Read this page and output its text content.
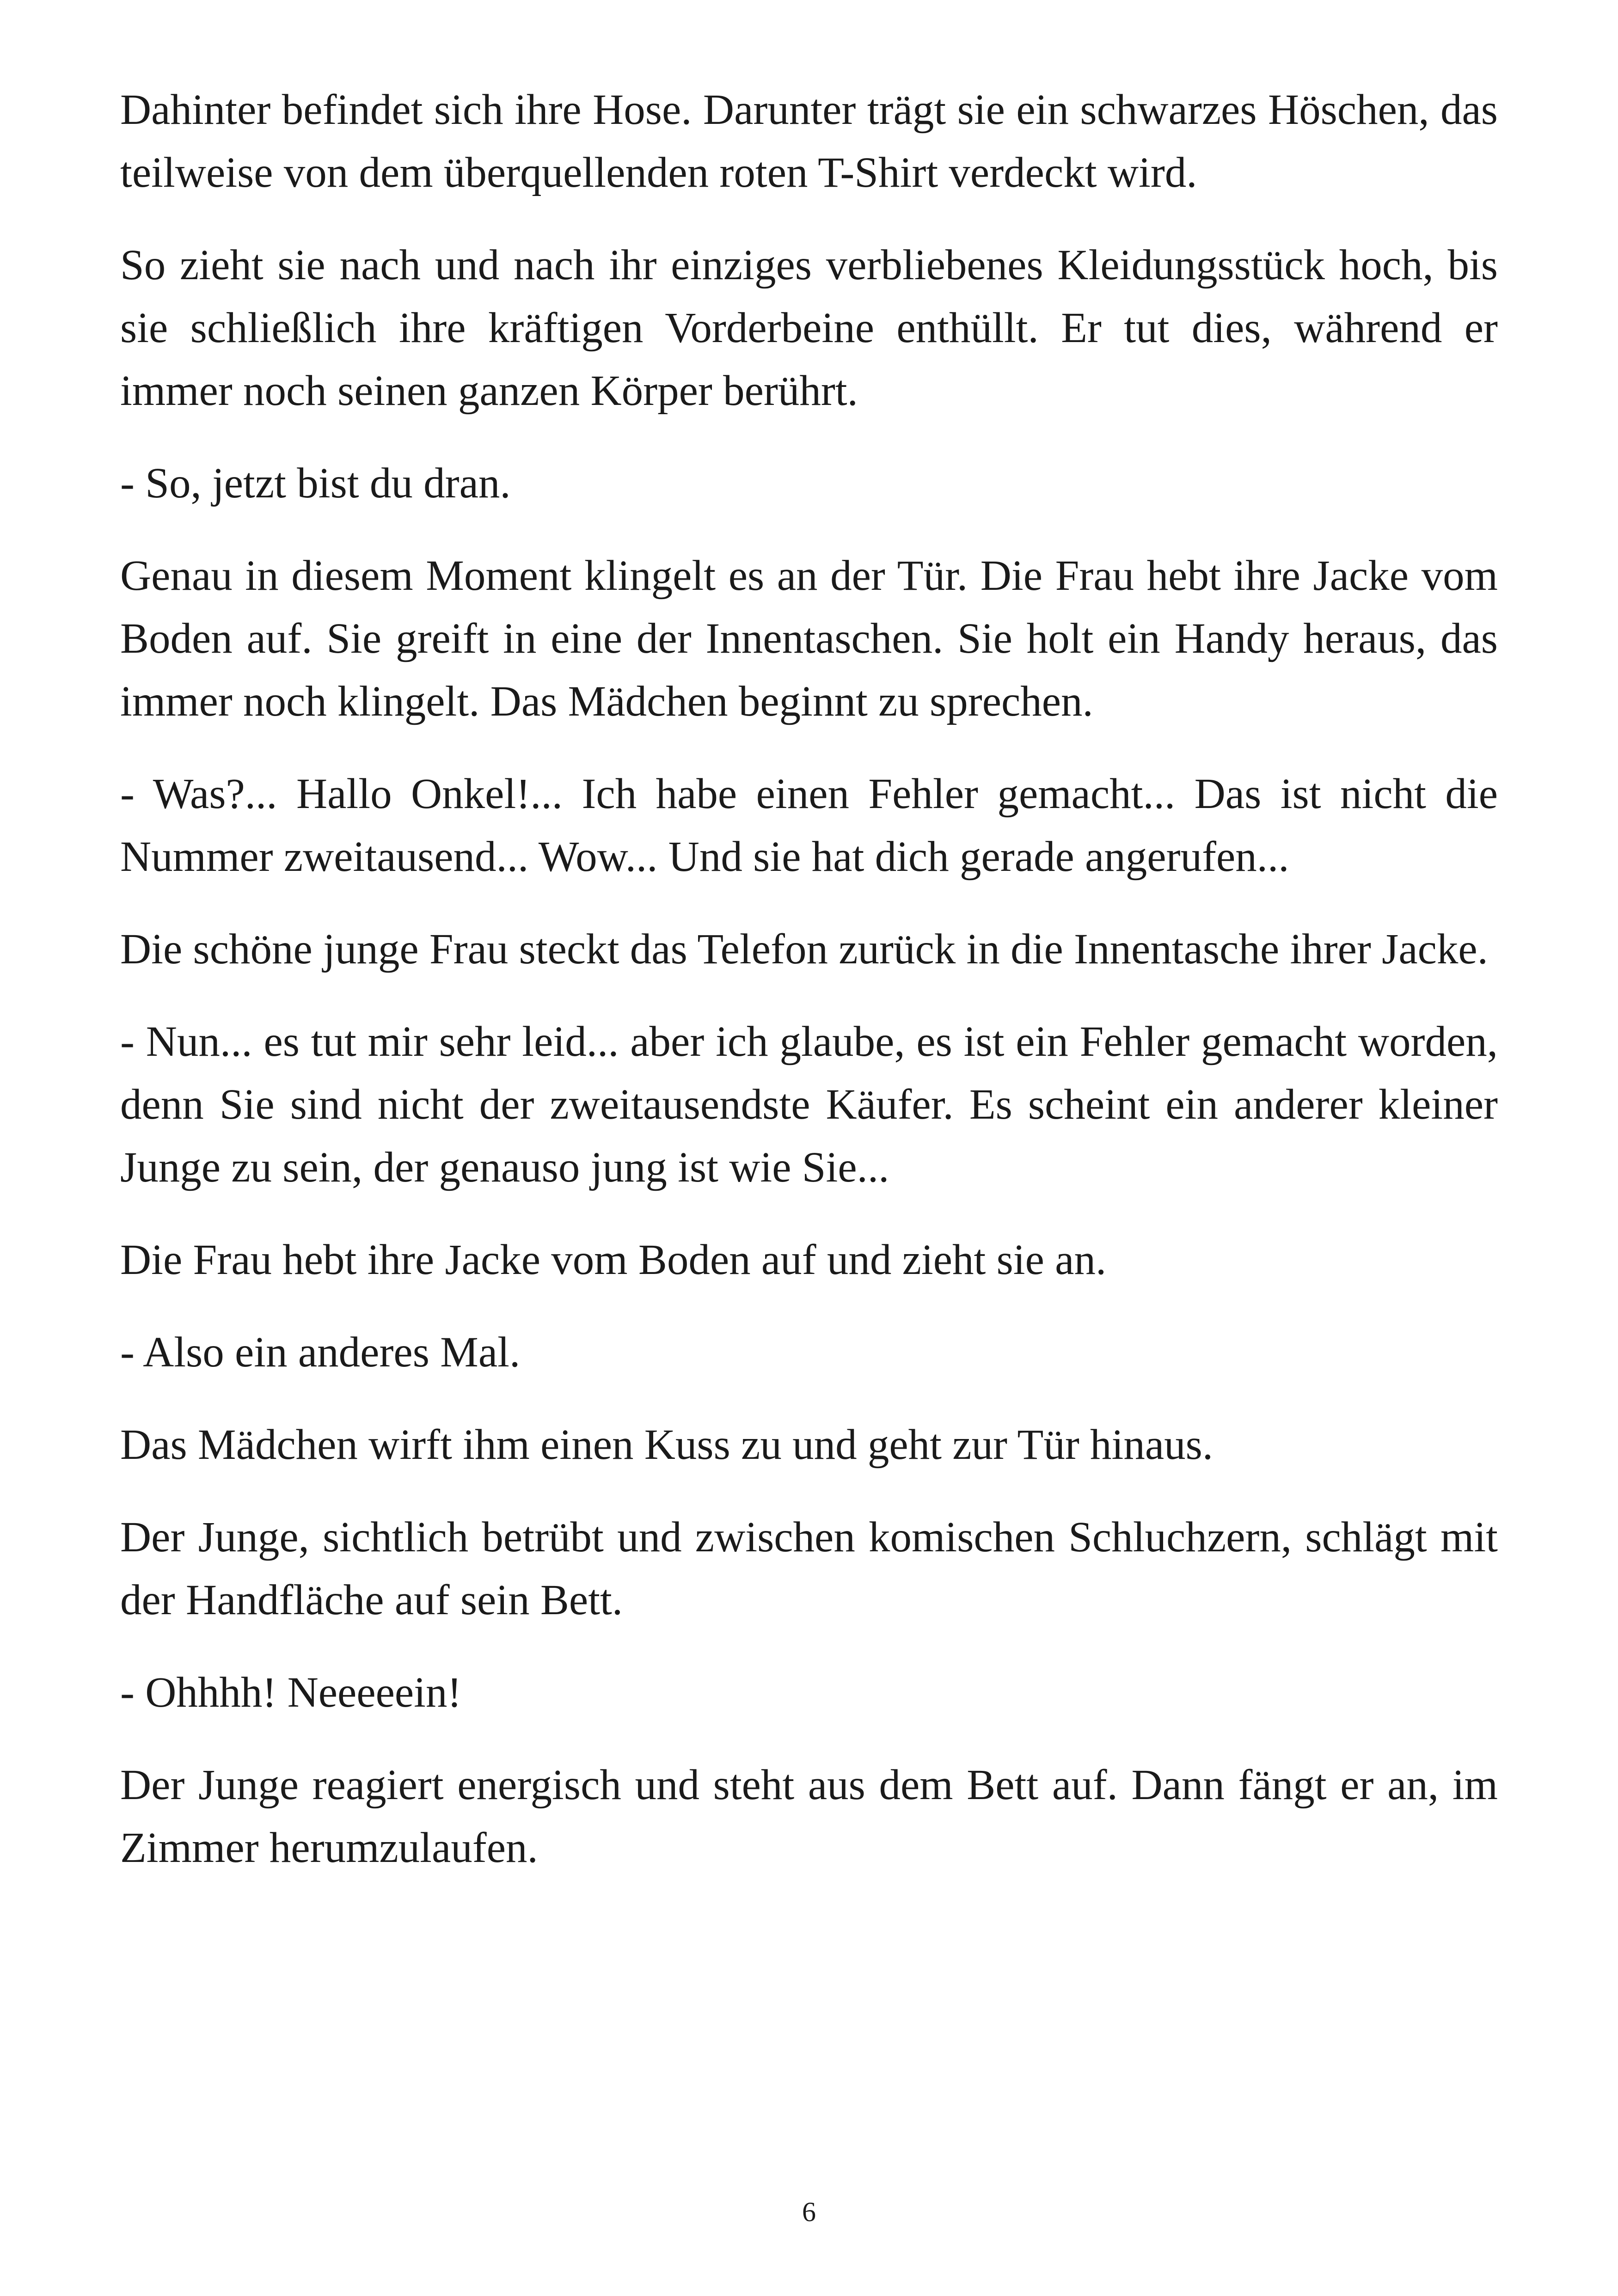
Dahinter befindet sich ihre Hose. Darunter trägt sie ein schwarzes Höschen, das teilweise von dem überquellenden roten T-Shirt verdeckt wird.

So zieht sie nach und nach ihr einziges verbliebenes Kleidungsstück hoch, bis sie schließlich ihre kräftigen Vorderbeine enthüllt. Er tut dies, während er immer noch seinen ganzen Körper berührt.

- So, jetzt bist du dran.

Genau in diesem Moment klingelt es an der Tür. Die Frau hebt ihre Jacke vom Boden auf. Sie greift in eine der Innentaschen. Sie holt ein Handy heraus, das immer noch klingelt. Das Mädchen beginnt zu sprechen.

- Was?... Hallo Onkel!... Ich habe einen Fehler gemacht... Das ist nicht die Nummer zweitausend... Wow... Und sie hat dich gerade angerufen...

Die schöne junge Frau steckt das Telefon zurück in die Innentasche ihrer Jacke.

- Nun... es tut mir sehr leid... aber ich glaube, es ist ein Fehler gemacht worden, denn Sie sind nicht der zweitausendste Käufer. Es scheint ein anderer kleiner Junge zu sein, der genauso jung ist wie Sie...

Die Frau hebt ihre Jacke vom Boden auf und zieht sie an.

- Also ein anderes Mal.

Das Mädchen wirft ihm einen Kuss zu und geht zur Tür hinaus.

Der Junge, sichtlich betrübt und zwischen komischen Schluchzern, schlägt mit der Handfläche auf sein Bett.

- Ohhhh! Neeeeein!

Der Junge reagiert energisch und steht aus dem Bett auf. Dann fängt er an, im Zimmer herumzulaufen.

6
